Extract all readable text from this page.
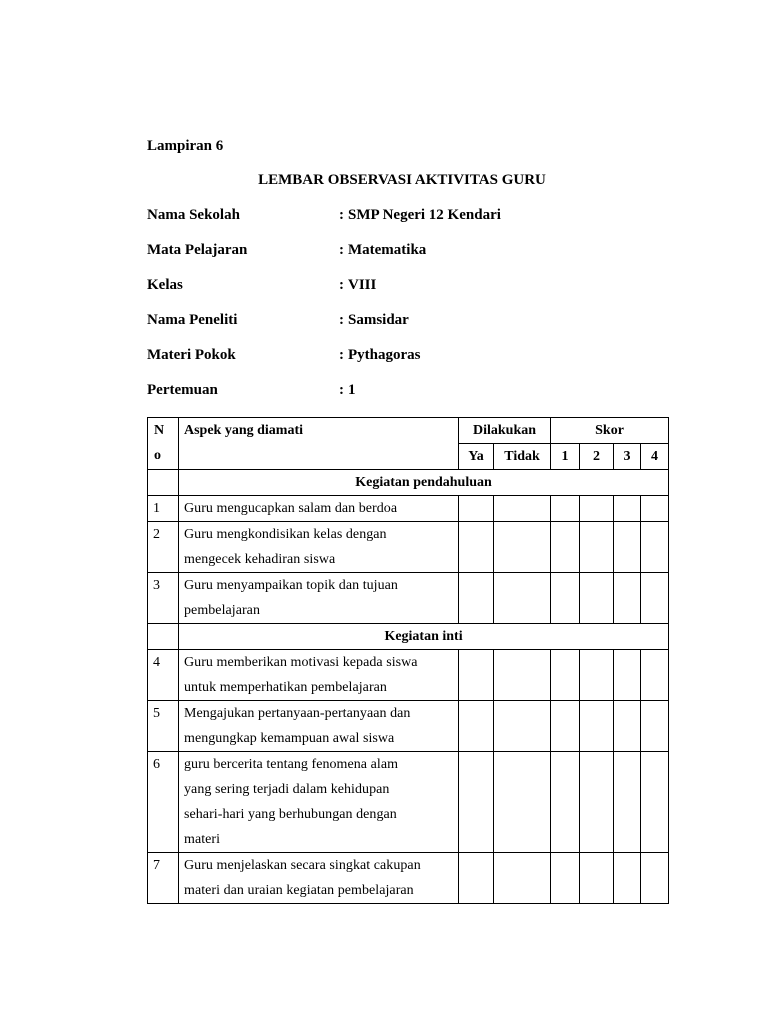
Lampiran 6
LEMBAR OBSERVASI AKTIVITAS GURU
Nama Sekolah	: SMP Negeri 12 Kendari
Mata Pelajaran	: Matematika
Kelas	: VIII
Nama Peneliti	: Samsidar
Materi Pokok	: Pythagoras
Pertemuan	: 1
N
o	Aspek yang diamati	Dilakukan		Skor			
		Ya	Tidak	1	2	3	4
	Kegiatan pendahuluan						
1	Guru mengucapkan salam dan berdoa						

2	Guru mengkondisikan kelas dengan
mengecek kehadiran siswa						

3	Guru menyampaikan topik dan tujuan
pembelajaran						

	Kegiatan inti						
4	Guru memberikan motivasi kepada siswa
untuk memperhatikan pembelajaran						

5	Mengajukan pertanyaan-pertanyaan dan
mengungkap kemampuan awal siswa						

6	guru bercerita tentang fenomena alam
yang sering terjadi dalam kehidupan
sehari-hari yang berhubungan dengan
materi						

7	Guru menjelaskan secara singkat cakupan
materi dan uraian kegiatan pembelajaran						
